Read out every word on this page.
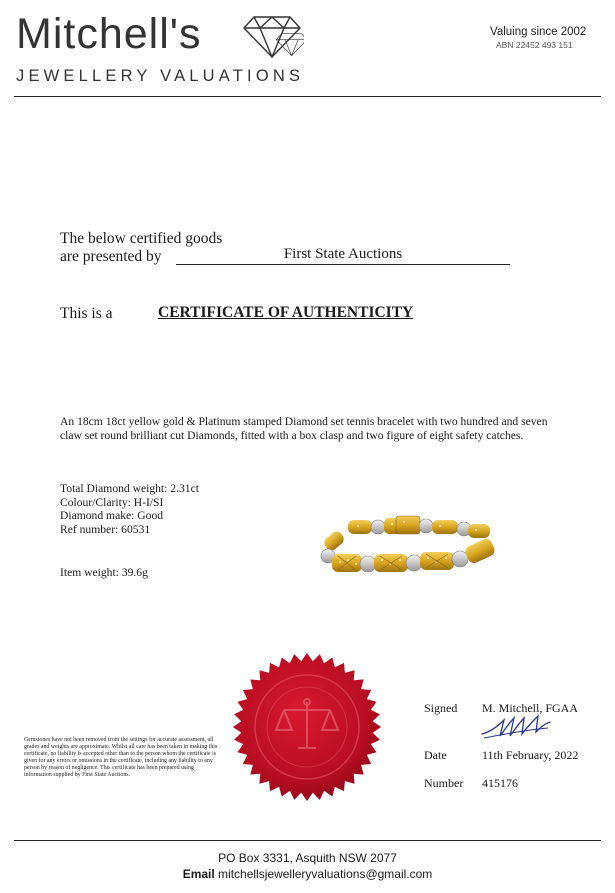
Mitchell's
JEWELLERY VALUATIONS
Valuing since 2002
ABN 22452 493 151
The below certified goods
are presented by	First State Auctions
This is a	CERTIFICATE OF AUTHENTICITY
An 18cm 18ct yellow gold & Platinum stamped Diamond set tennis bracelet with two hundred and seven claw set round brilliant cut Diamonds, fitted with a box clasp and two figure of eight safety catches.
Total Diamond weight: 2.31ct
Colour/Clarity: H-I/SI
Diamond make: Good
Ref number: 60531
Item weight: 39.6g
Gemstones have not been removed from the settings for accurate assessment, all grades and weights are approximate. Whilst all care has been taken in making this certificate, no liability is accepted other than to the person whom the certificate is given for any errors or omissions in the certificate, including any liability to any person by reason of negligence. This certificate has been prepared using information supplied by First State Auctions.
Signed M. Mitchell, FGAA
Date	11th February, 2022
Number 415176
PO Box 3331, Asquith NSW 2077
Email mitchellsjewelleryvaluations@gmail.com
